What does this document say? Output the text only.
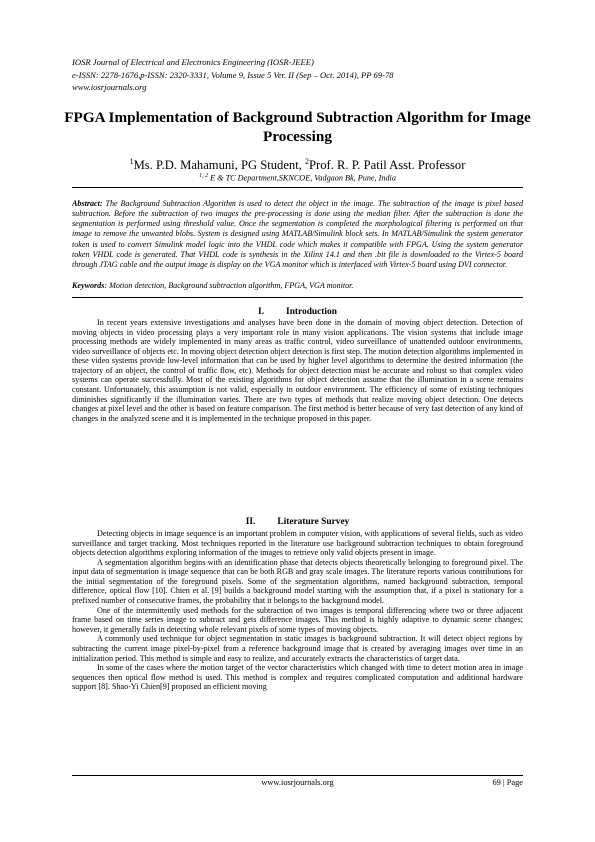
IOSR Journal of Electrical and Electronics Engineering (IOSR-JEEE)
e-ISSN: 2278-1676,p-ISSN: 2320-3331, Volume 9, Issue 5 Ver. II (Sep – Oct. 2014), PP 69-78
www.iosrjournals.org
FPGA Implementation of Background Subtraction Algorithm for Image Processing
$^1$Ms. P.D. Mahamuni, PG Student, $^2$Prof. R. P. Patil Asst. Professor
$^{1, 2}$ E & TC Department,SKNCOE, Vadgaon Bk, Pune, India
Abstract: The Background Subtraction Algorithm is used to detect the object in the image. The subtraction of the image is pixel based subtraction. Before the subtraction of two images the pre-processing is done using the median filter. After the subtraction is done the segmentation is performed using threshold value. Once the segmentation is completed the morphological filtering is performed on that image to remove the unwanted blobs. System is designed using MATLAB/Simulink block sets. In MATLAB/Simulink the system generator token is used to convert Simulink model logic into the VHDL code which makes it compatible with FPGA. Using the system generator token VHDL code is generated. That VHDL code is synthesis in the Xilinx 14.1 and then .bit file is downloaded to the Virtex-5 board through JTAG cable and the output image is display on the VGA monitor which is interfaced with Virtex-5 board using DVI connector.
Keywords: Motion detection, Background subtraction algorithm, FPGA, VGA monitor.
I. Introduction

In recent years extensive investigations and analyses have been done in the domain of moving object detection. Detection of moving objects in video processing plays a very important role in many vision applications. The vision systems that include image processing methods are widely implemented in many areas as traffic control, video surveillance of unattended outdoor environments, video surveillance of objects etc. In moving object detection object detection is first step. The motion detection algorithms implemented in these video systems provide low-level information that can be used by higher level algorithms to determine the desired information (the trajectory of an object, the control of traffic flow, etc). Methods for object detection must be accurate and robust so that complex video systems can operate successfully. Most of the existing algorithms for object detection assume that the illumination in a scene remains constant. Unfortunately, this assumption is not valid, especially in outdoor environment. The efficiency of some of existing techniques diminishes significantly if the illumination varies. There are two types of methods that realize moving object detection. One detects changes at pixel level and the other is based on feature comparison. The first method is better because of very fast detection of any kind of changes in the analyzed scene and it is implemented in the technique proposed in this paper.

II. Literature Survey

Detecting objects in image sequence is an important problem in computer vision, with applications of several fields, such as video surveillance and target tracking. Most techniques reported in the literature use background subtraction techniques to obtain foreground objects detection algorithms exploring information of the images to retrieve only valid objects present in image.

A segmentation algorithm begins with an identification phase that detects objects theoretically belonging to foreground pixel. The input data of segmentation is image sequence that can be both RGB and gray scale images. The literature reports various contributions for the initial segmentation of the foreground pixels. Some of the segmentation algorithms, named background subtraction, temporal difference, optical flow [10]. Chien et al. [9] builds a background model starting with the assumption that, if a pixel is stationary for a prefixed number of consecutive frames, the probability that it belongs to the background model.

One of the intermittently used methods for the subtraction of two images is temporal differencing where two or three adjacent frame based on time series image to subtract and gets difference images. This method is highly adaptive to dynamic scene changes; however, it generally fails in detecting whole relevant pixels of some types of moving objects.

A commonly used technique for object segmentation in static images is background subtraction. It will detect object regions by subtracting the current image pixel-by-pixel from a reference background image that is created by averaging images over time in an initialization period. This method is simple and easy to realize, and accurately extracts the characteristics of target data.

In some of the cases where the motion target of the vector characteristics which changed with time to detect motion area in image sequences then optical flow method is used. This method is complex and requires complicated computation and additional hardware support [8]. Shao-Yi Chien[9] proposed an efficient moving

www.iosrjournals.org	69 | Page
